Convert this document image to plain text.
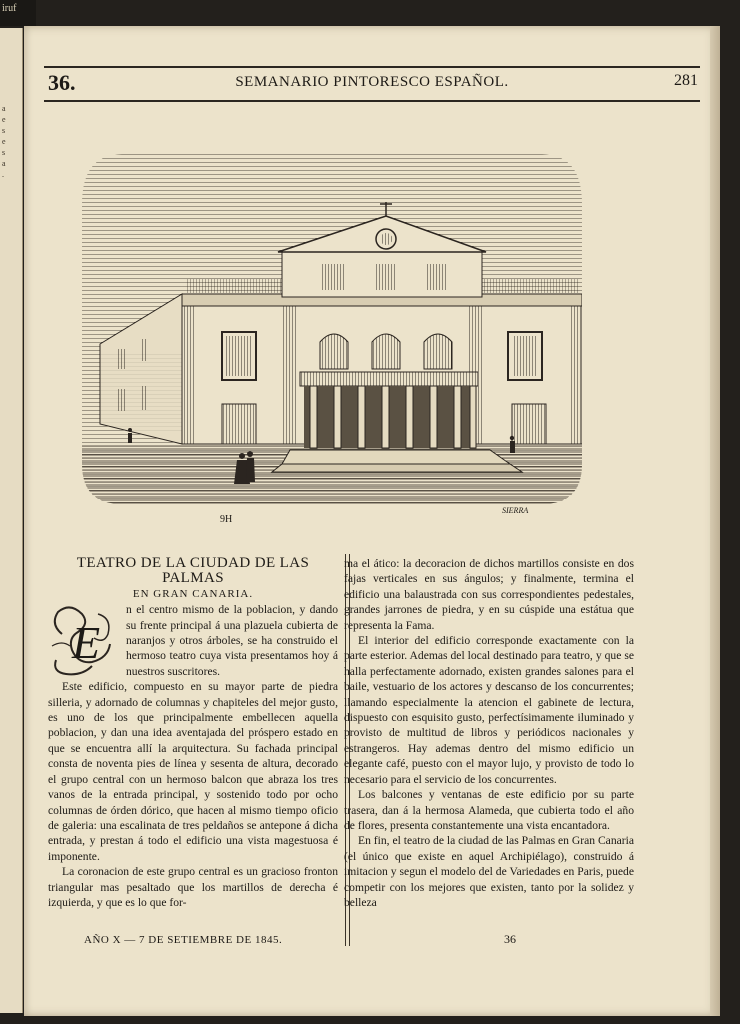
iruf
a
e
s
e
s
a
.
36.	SEMANARIO PINTORESCO ESPAÑOL.	281
9H
SIERRA

TEATRO DE LA CIUDAD DE LAS PALMAS

EN GRAN CANARIA.

E

n el centro mismo de la poblacion, y dando su frente principal á una plazuela cubierta de naranjos y otros árboles, se ha construido el hermoso teatro cuya vista presentamos hoy á nuestros suscritores.

Este edificio, compuesto en su mayor parte de piedra silleria, y adornado de columnas y chapiteles del mejor gusto, es uno de los que principalmente embellecen aquella poblacion, y dan una idea aventajada del próspero estado en que se encuentra allí la arquitectura. Su fachada principal consta de noventa pies de línea y sesenta de altura, decorado el grupo central con un hermoso balcon que abraza los tres vanos de la entrada principal, y sostenido todo por ocho columnas de órden dórico, que hacen al mismo tiempo oficio de galeria: una escalinata de tres peldaños se antepone á dicha entrada, y prestan á todo el edificio una vista magestuosa é imponente.

La coronacion de este grupo central es un gracioso fronton triangular mas pesaltado que los martillos de derecha é izquierda, y que es lo que for-

ma el ático: la decoracion de dichos martillos consiste en dos fajas verticales en sus ángulos; y finalmente, termina el edificio una balaustrada con sus correspondientes pedestales, grandes jarrones de piedra, y en su cúspide una estátua que representa la Fama.

El interior del edificio corresponde exactamente con la parte esterior. Ademas del local destinado para teatro, y que se halla perfectamente adornado, existen grandes salones para el baile, vestuario de los actores y descanso de los concurrentes; llamando especialmente la atencion el gabinete de lectura, dispuesto con esquisito gusto, perfectísimamente iluminado y provisto de multitud de libros y periódicos nacionales y estrangeros. Hay ademas dentro del mismo edificio un elegante café, puesto con el mayor lujo, y provisto de todo lo necesario para el servicio de los concurrentes.

Los balcones y ventanas de este edificio por su parte trasera, dan á la hermosa Alameda, que cubierta todo el año de flores, presenta constantemente una vista encantadora.

En fin, el teatro de la ciudad de las Palmas en Gran Canaria (el único que existe en aquel Archipiélago), construido á imitacion y segun el modelo del de Variedades en Paris, puede competir con los mejores que existen, tanto por la solidez y belleza

AÑO X — 7 DE SETIEMBRE DE 1845.	36
